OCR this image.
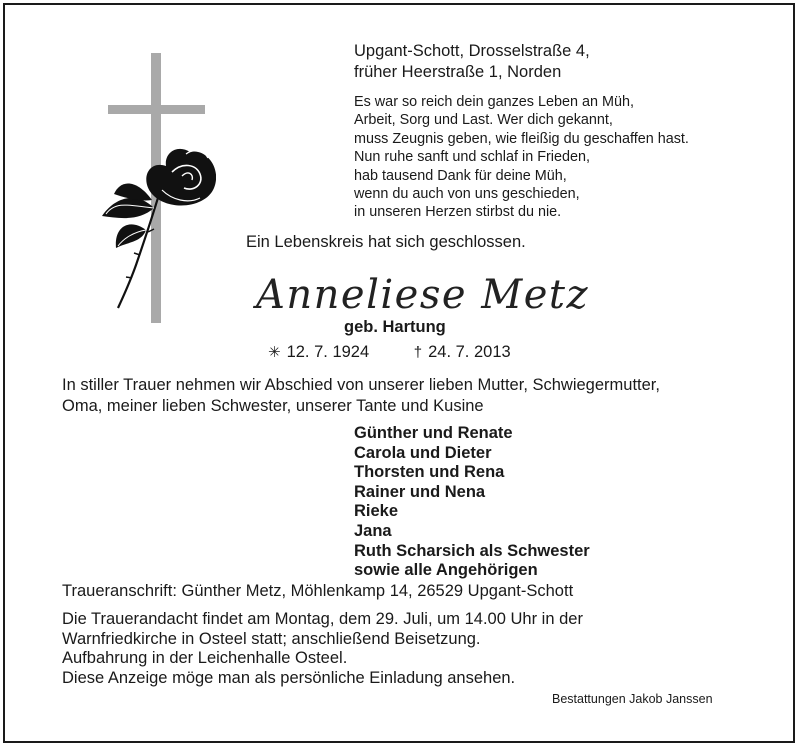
Upgant-Schott, Drosselstraße 4,
früher Heerstraße 1, Norden
Es war so reich dein ganzes Leben an Müh,
Arbeit, Sorg und Last. Wer dich gekannt,
muss Zeugnis geben, wie fleißig du geschaffen hast.
Nun ruhe sanft und schlaf in Frieden,
hab tausend Dank für deine Müh,
wenn du auch von uns geschieden,
in unseren Herzen stirbst du nie.
Ein Lebenskreis hat sich geschlossen.
Anneliese Metz
geb. Hartung
✳ 12. 7. 1924	† 24. 7. 2013
In stiller Trauer nehmen wir Abschied von unserer lieben Mutter, Schwiegermutter,
Oma, meiner lieben Schwester, unserer Tante und Kusine
Günther und Renate
Carola und Dieter
Thorsten und Rena
Rainer und Nena
Rieke
Jana
Ruth Scharsich als Schwester
sowie alle Angehörigen
Traueranschrift: Günther Metz, Möhlenkamp 14, 26529 Upgant-Schott
Die Trauerandacht findet am Montag, dem 29. Juli, um 14.00 Uhr in der
Warnfriedkirche in Osteel statt; anschließend Beisetzung.
Aufbahrung in der Leichenhalle Osteel.
Diese Anzeige möge man als persönliche Einladung ansehen.
Bestattungen Jakob Janssen
